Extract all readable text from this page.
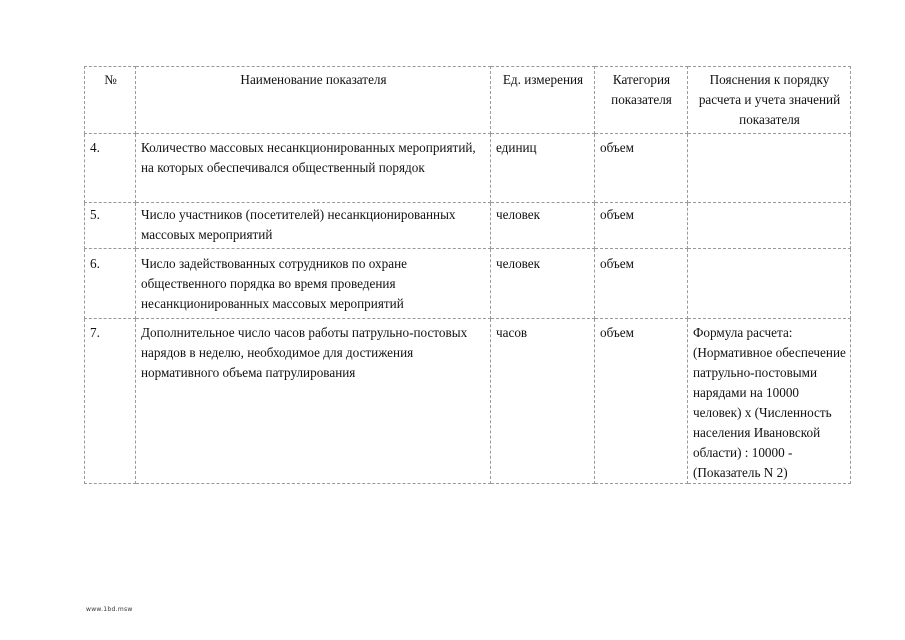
№	Наименование показателя	Ед. измерения	Категория показателя	Пояснения к порядку расчета и учета значений показателя
4.	Количество массовых несанкционированных мероприятий, на которых обеспечивался общественный порядок	единиц	объем	
5.	Число участников (посетителей) несанкционированных массовых мероприятий	человек	объем	
6.	Число задействованных сотрудников по охране общественного порядка во время проведения несанкционированных массовых мероприятий	человек	объем	
7.	Дополнительное число часов работы патрульно-постовых нарядов в неделю, необходимое для достижения нормативного объема патрулирования	часов	объем	Формула расчета: (Нормативное обеспечение патрульно-постовыми нарядами на 10000 человек) x (Численность населения Ивановской области) : 10000 - (Показатель N 2)
www.1bd.msw
